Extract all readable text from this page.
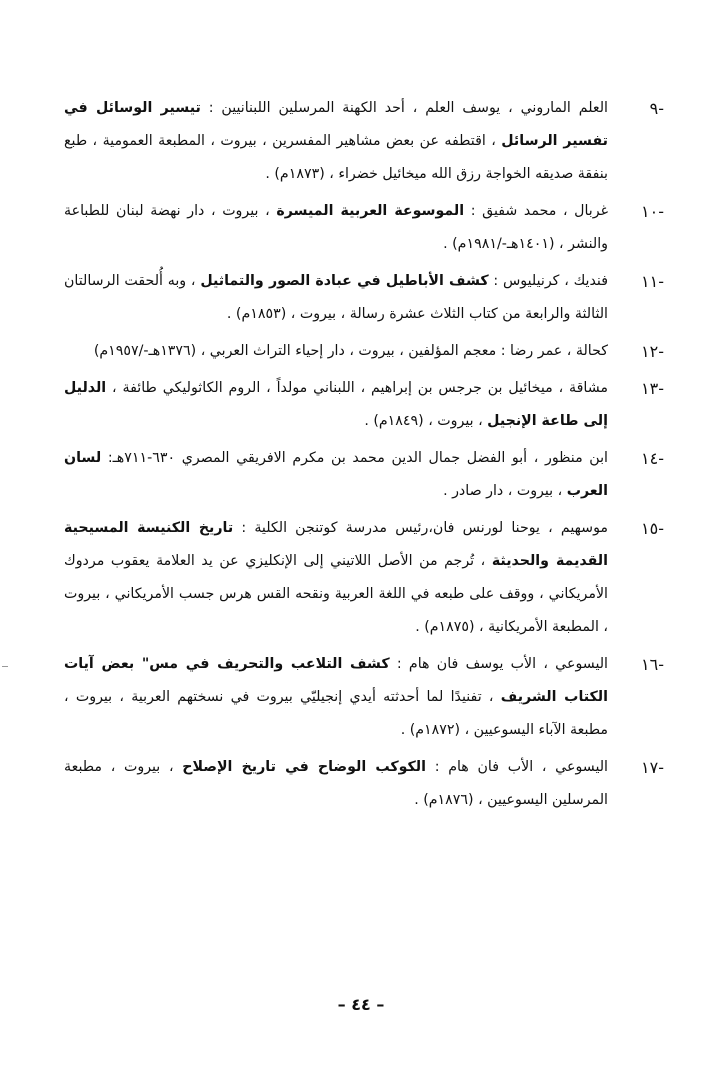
-٩
العلم الماروني ، يوسف العلم ، أحد الكهنة المرسلين اللبنانيين : تيسير الوسائل في تفسير الرسائل ، اقتطفه عن بعض مشاهير المفسرين ، بيروت ، المطبعة العمومية ، طبع بنفقة صديقه الخواجة رزق الله ميخائيل خضراء ، (١٨٧٣م) .
-١٠
غربال ، محمد شفيق : الموسوعة العربية الميسرة ، بيروت ، دار نهضة لبنان للطباعة والنشر ، (١٤٠١هـ-/١٩٨١م) .
-١١
فنديك ، كرنيليوس : كشف الأباطيل في عبادة الصور والتماثيل ، وبه أُلحقت الرسالتان الثالثة والرابعة من كتاب الثلاث عشرة رسالة ، بيروت ، (١٨٥٣م) .
-١٢
كحالة ، عمر رضا : معجم المؤلفين ، بيروت ، دار إحياء التراث العربي ، (١٣٧٦هـ-/١٩٥٧م)
-١٣
مشاقة ، ميخائيل بن جرجس بن إبراهيم ، اللبناني مولداً ، الروم الكاثوليكي طائفة ، الدليل إلى طاعة الإنجيل ، بيروت ، (١٨٤٩م) .
-١٤
ابن منظور ، أبو الفضل جمال الدين محمد بن مكرم الافريقي المصري ٦٣٠-٧١١هـ: لسان العرب ، بيروت ، دار صادر .
-١٥
موسهيم ، يوحنا لورنس فان،رئيس مدرسة كوتنجن الكلية : تاريخ الكنيسة المسيحية القديمة والحديثة ، تُرجم من الأصل اللاتيني إلى الإنكليزي عن يد العلامة يعقوب مردوك الأمريكاني ، ووقف على طبعه في اللغة العربية ونقحه القس هرس جسب الأمريكاني ، بيروت ، المطبعة الأمريكانية ، (١٨٧٥م) .
-١٦
اليسوعي ، الأب يوسف فان هام : كشف التلاعب والتحريف في مس" بعض آيات الكتاب الشريف ، تفنيدًا لما أحدثته أيدي إنجيليّي بيروت في نسختهم العربية ، بيروت ، مطبعة الآباء اليسوعيين ، (١٨٧٢م) .
-١٧
اليسوعي ، الأب فان هام : الكوكب الوضاح في تاريخ الإصلاح ، بيروت ، مطبعة المرسلين اليسوعيين ، (١٨٧٦م) .
– ٤٤ –
